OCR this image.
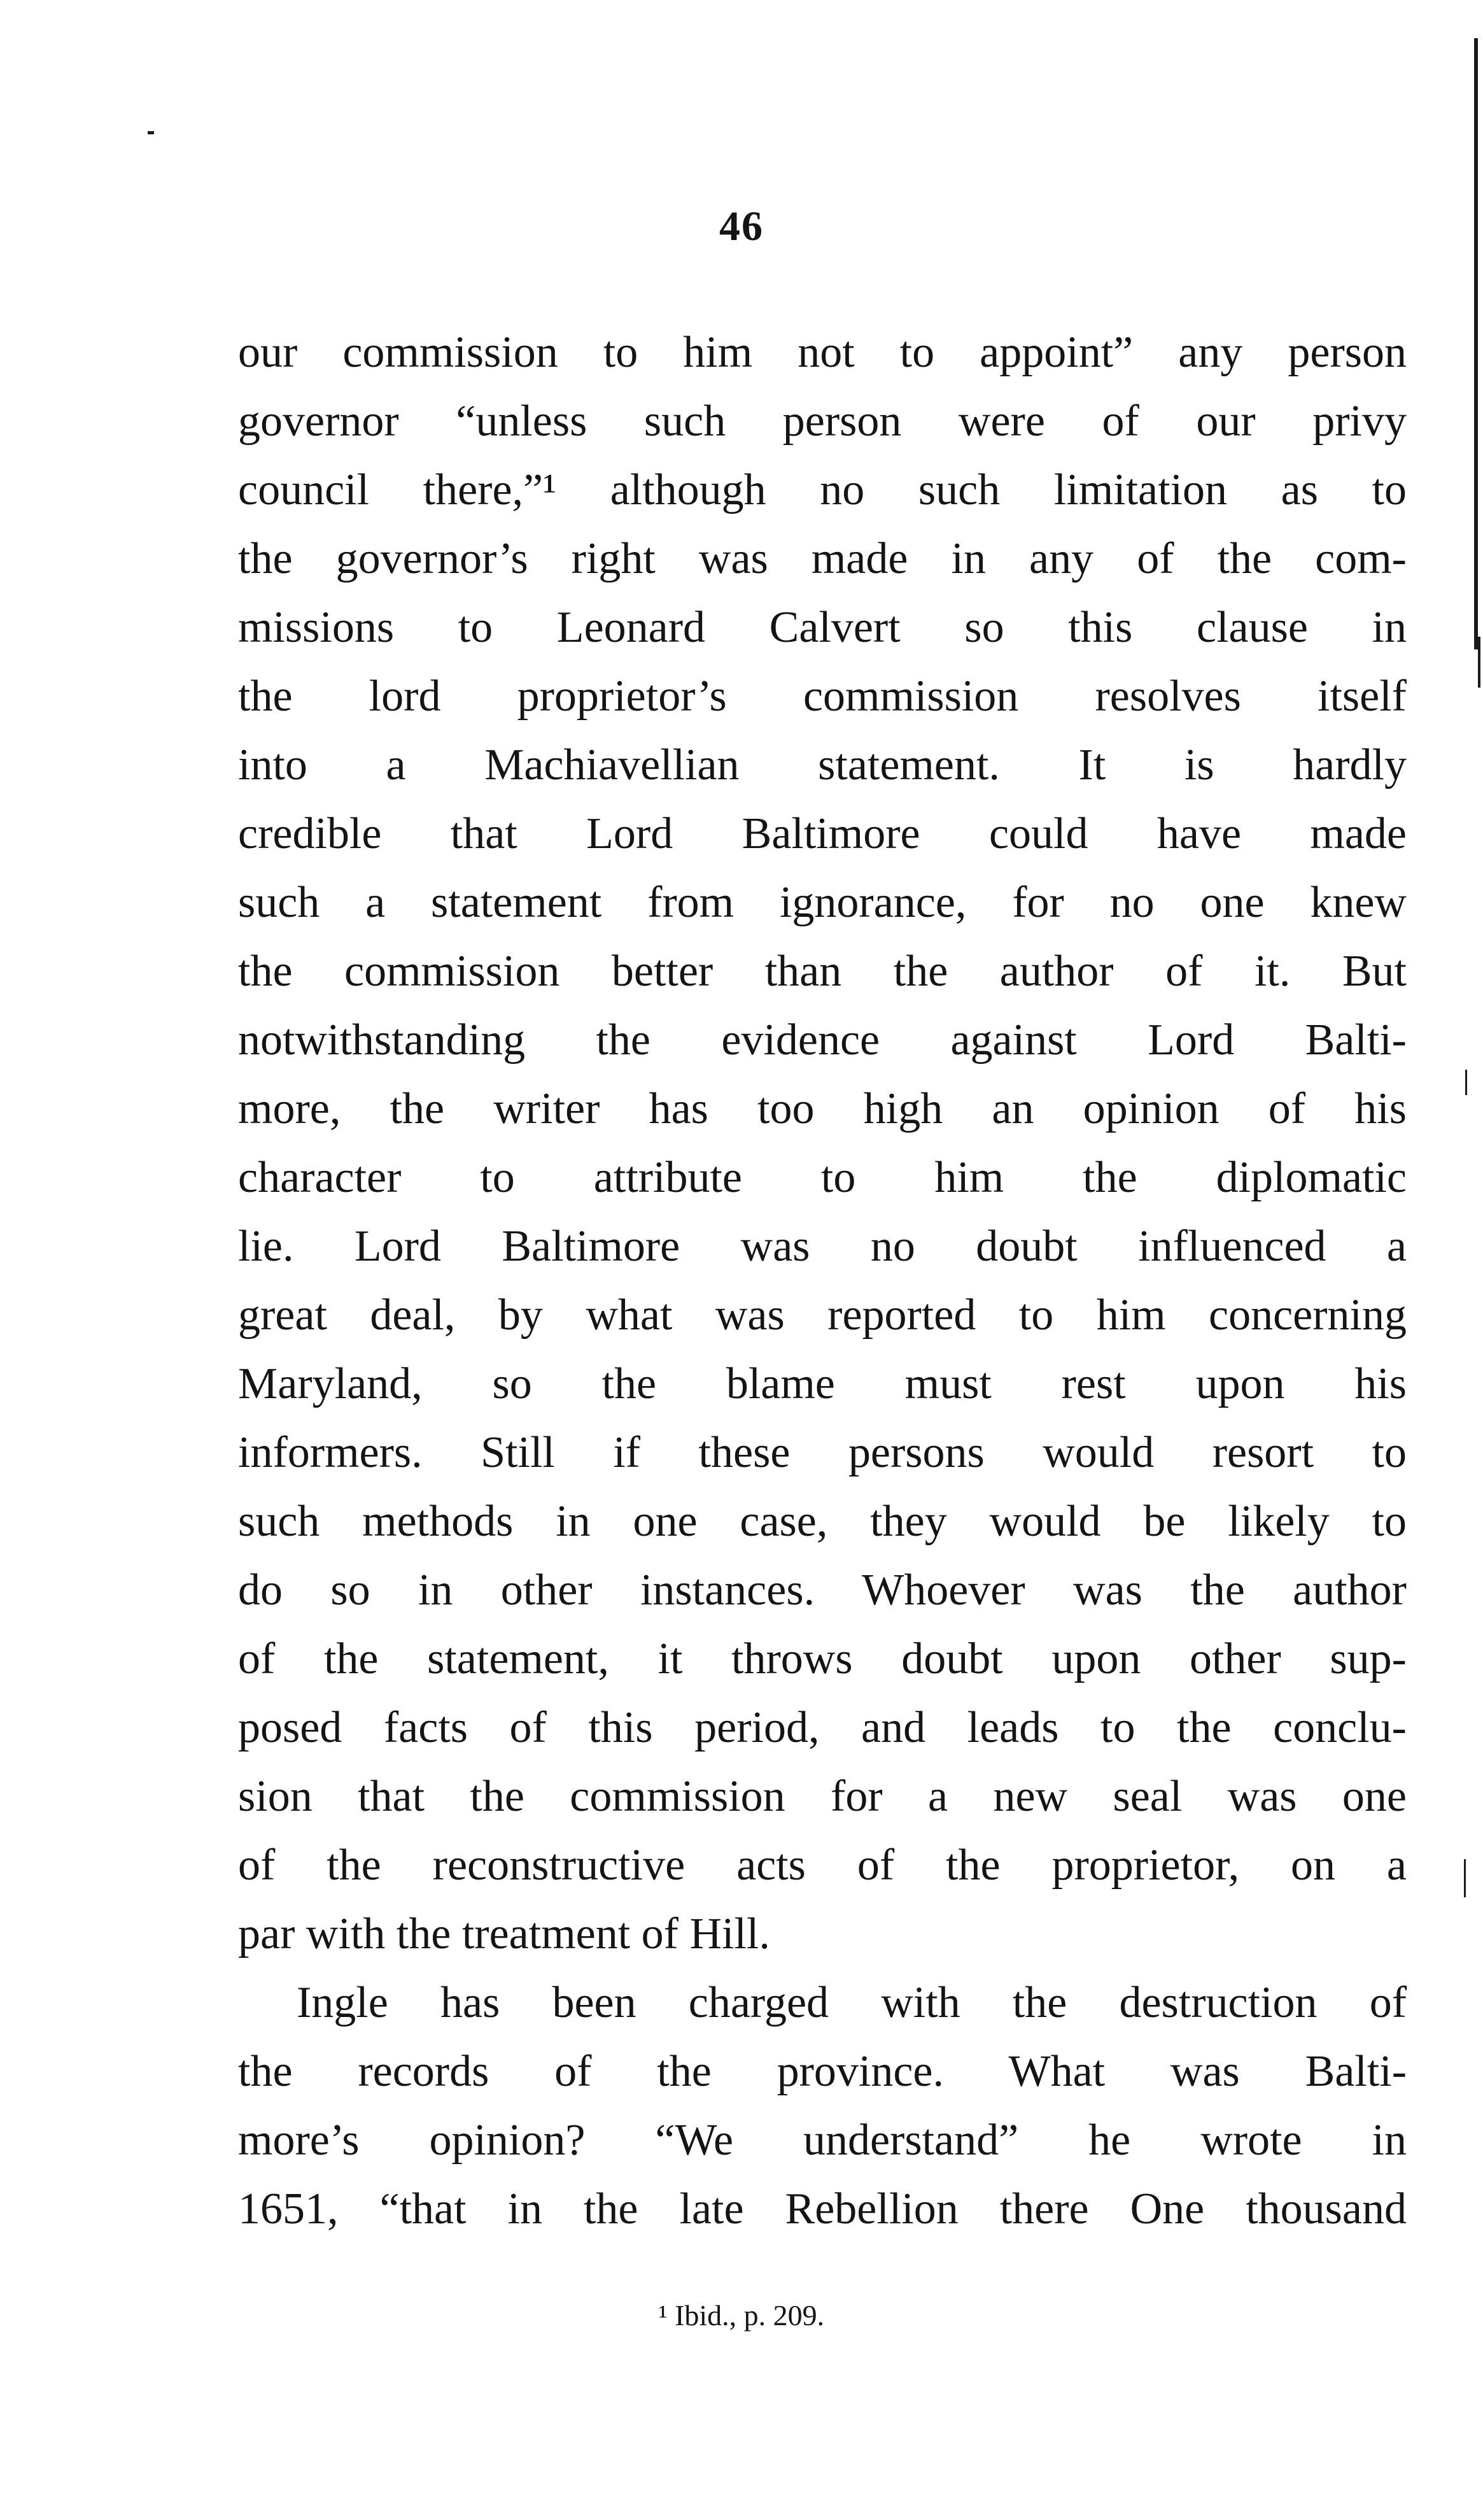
46
our commission to him not to appoint” any person
governor “unless such person were of our privy
council there,”¹ although no such limitation as to
the governor’s right was made in any of the com-
missions to Leonard Calvert so this clause in
the lord proprietor’s commission resolves itself
into a Machiavellian statement. It is hardly
credible that Lord Baltimore could have made
such a statement from ignorance, for no one knew
the commission better than the author of it. But
notwithstanding the evidence against Lord Balti-
more, the writer has too high an opinion of his
character to attribute to him the diplomatic
lie. Lord Baltimore was no doubt influenced a
great deal, by what was reported to him concerning
Maryland, so the blame must rest upon his
informers. Still if these persons would resort to
such methods in one case, they would be likely to
do so in other instances. Whoever was the author
of the statement, it throws doubt upon other sup-
posed facts of this period, and leads to the conclu-
sion that the commission for a new seal was one
of the reconstructive acts of the proprietor, on a
par with the treatment of Hill.
Ingle has been charged with the destruction of
the records of the province. What was Balti-
more’s opinion? “We understand” he wrote in
1651, “that in the late Rebellion there One thousand
¹ Ibid., p. 209.
